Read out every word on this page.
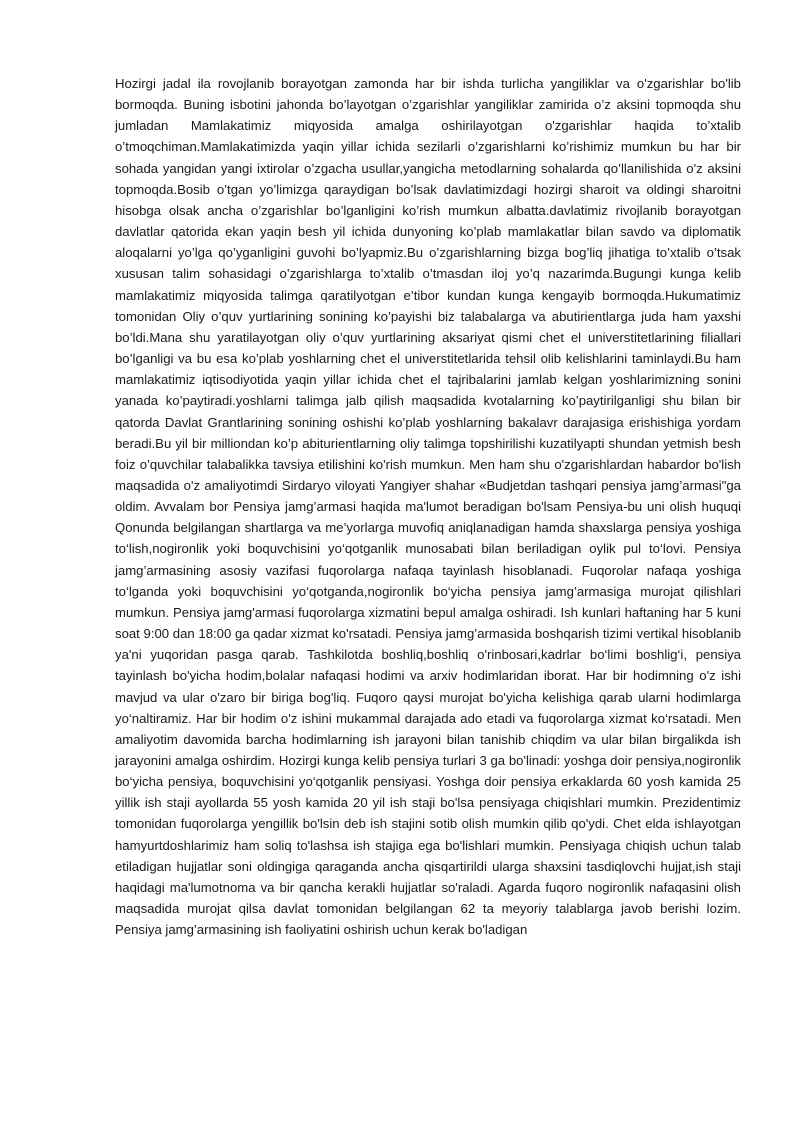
Hozirgi jadal ila rovojlanib borayotgan zamonda har bir ishda turlicha yangiliklar va o'zgarishlar bo'lib bormoqda. Buning isbotini jahonda bo’layotgan o’zgarishlar yangiliklar zamirida o’z aksini topmoqda shu jumladan Mamlakatimiz miqyosida amalga oshirilayotgan o'zgarishlar haqida to’xtalib o’tmoqchiman.Mamlakatimizda yaqin yillar ichida sezilarli o’zgarishlarni ko’rishimiz mumkun bu har bir sohada yangidan yangi ixtirolar o’zgacha usullar,yangicha metodlarning sohalarda qo’llanilishida o'z aksini topmoqda.Bosib o’tgan yo’limizga qaraydigan bo’lsak davlatimizdagi hozirgi sharoit va oldingi sharoitni hisobga olsak ancha o’zgarishlar bo’lganligini ko’rish mumkun albatta.davlatimiz rivojlanib borayotgan davlatlar qatorida ekan yaqin besh yil ichida dunyoning ko’plab mamlakatlar bilan savdo va diplomatik aloqalarni yo’lga qo’yganligini guvohi bo’lyapmiz.Bu o’zgarishlarning bizga bog’liq jihatiga to’xtalib o’tsak xususan talim sohasidagi o’zgarishlarga to’xtalib o’tmasdan iloj yo’q nazarimda.Bugungi kunga kelib mamlakatimiz miqyosida talimga qaratilyotgan e’tibor kundan kunga kengayib bormoqda.Hukumatimiz tomonidan Oliy o’quv yurtlarining sonining ko’payishi biz talabalarga va abutirientlarga juda ham yaxshi bo’ldi.Mana shu yaratilayotgan oliy o’quv yurtlarining aksariyat qismi chet el universtitetlarining filiallari bo’lganligi va bu esa ko’plab yoshlarning chet el universtitetlarida tehsil olib kelishlarini taminlaydi.Bu ham mamlakatimiz iqtisodiyotida yaqin yillar ichida chet el tajribalarini jamlab kelgan yoshlarimizning sonini yanada ko’paytiradi.yoshlarni talimga jalb qilish maqsadida kvotalarning ko’paytirilganligi shu bilan bir qatorda Davlat Grantlarining sonining oshishi ko’plab yoshlarning bakalavr darajasiga erishishiga yordam beradi.Bu yil bir milliondan ko’p abiturientlarning oliy talimga topshirilishi kuzatilyapti shundan yetmish besh foiz o’quvchilar talabalikka tavsiya etilishini ko'rish mumkun. Men ham shu o'zgarishlardan habardor bo'lish maqsadida o'z amaliyotimdi Sirdaryo viloyati Yangiyer shahar «Budjetdan tashqari pensiya jamg’armasi"ga oldim. Avvalam bor Pensiya jamg’armasi haqida ma'lumot beradigan bo'lsam Pensiya-bu uni olish huquqi Qonunda belgilangan shartlarga va me’yorlarga muvofiq aniqlanadigan hamda shaxslarga pensiya yoshiga to‘lish,nogironlik yoki boquvchisini yo‘qotganlik munosabati bilan beriladigan oylik pul to‘lovi. Pensiya jamg’armasining asosiy vazifasi fuqorolarga nafaqa tayinlash hisoblanadi. Fuqorolar nafaqa yoshiga to‘lganda yoki boquvchisini yo‘qotganda,nogironlik bo‘yicha pensiya jamg’armasiga murojat qilishlari mumkun. Pensiya jamg'armasi fuqorolarga xizmatini bepul amalga oshiradi. Ish kunlari haftaning har 5 kuni soat 9:00 dan 18:00 ga qadar xizmat ko'rsatadi. Pensiya jamg’armasida boshqarish tizimi vertikal hisoblanib ya'ni yuqoridan pasga qarab. Tashkilotda boshliq,boshliq o'rinbosari,kadrlar bo‘limi boshlig‘i, pensiya tayinlash bo'yicha hodim,bolalar nafaqasi hodimi va arxiv hodimlaridan iborat. Har bir hodimning o'z ishi mavjud va ular o'zaro bir biriga bog'liq. Fuqoro qaysi murojat bo'yicha kelishiga qarab ularni hodimlarga yo‘naltiramiz. Har bir hodim o'z ishini mukammal darajada ado etadi va fuqorolarga xizmat ko‘rsatadi. Men amaliyotim davomida barcha hodimlarning ish jarayoni bilan tanishib chiqdim va ular bilan birgalikda ish jarayonini amalga oshirdim. Hozirgi kunga kelib pensiya turlari 3 ga bo'linadi: yoshga doir pensiya,nogironlik bo‘yicha pensiya, boquvchisini yo‘qotganlik pensiyasi. Yoshga doir pensiya erkaklarda 60 yosh kamida 25 yillik ish staji ayollarda 55 yosh kamida 20 yil ish staji bo'lsa pensiyaga chiqishlari mumkin. Prezidentimiz tomonidan fuqorolarga yengillik bo'lsin deb ish stajini sotib olish mumkin qilib qo'ydi. Chet elda ishlayotgan hamyurtdoshlarimiz ham soliq to'lashsa ish stajiga ega bo'lishlari mumkin. Pensiyaga chiqish uchun talab etiladigan hujjatlar soni oldingiga qaraganda ancha qisqartirildi ularga shaxsini tasdiqlovchi hujjat,ish staji haqidagi ma'lumotnoma va bir qancha kerakli hujjatlar so'raladi. Agarda fuqoro nogironlik nafaqasini olish maqsadida murojat qilsa davlat tomonidan belgilangan 62 ta meyoriy talablarga javob berishi lozim. Pensiya jamg’armasining ish faoliyatini oshirish uchun kerak bo'ladigan
